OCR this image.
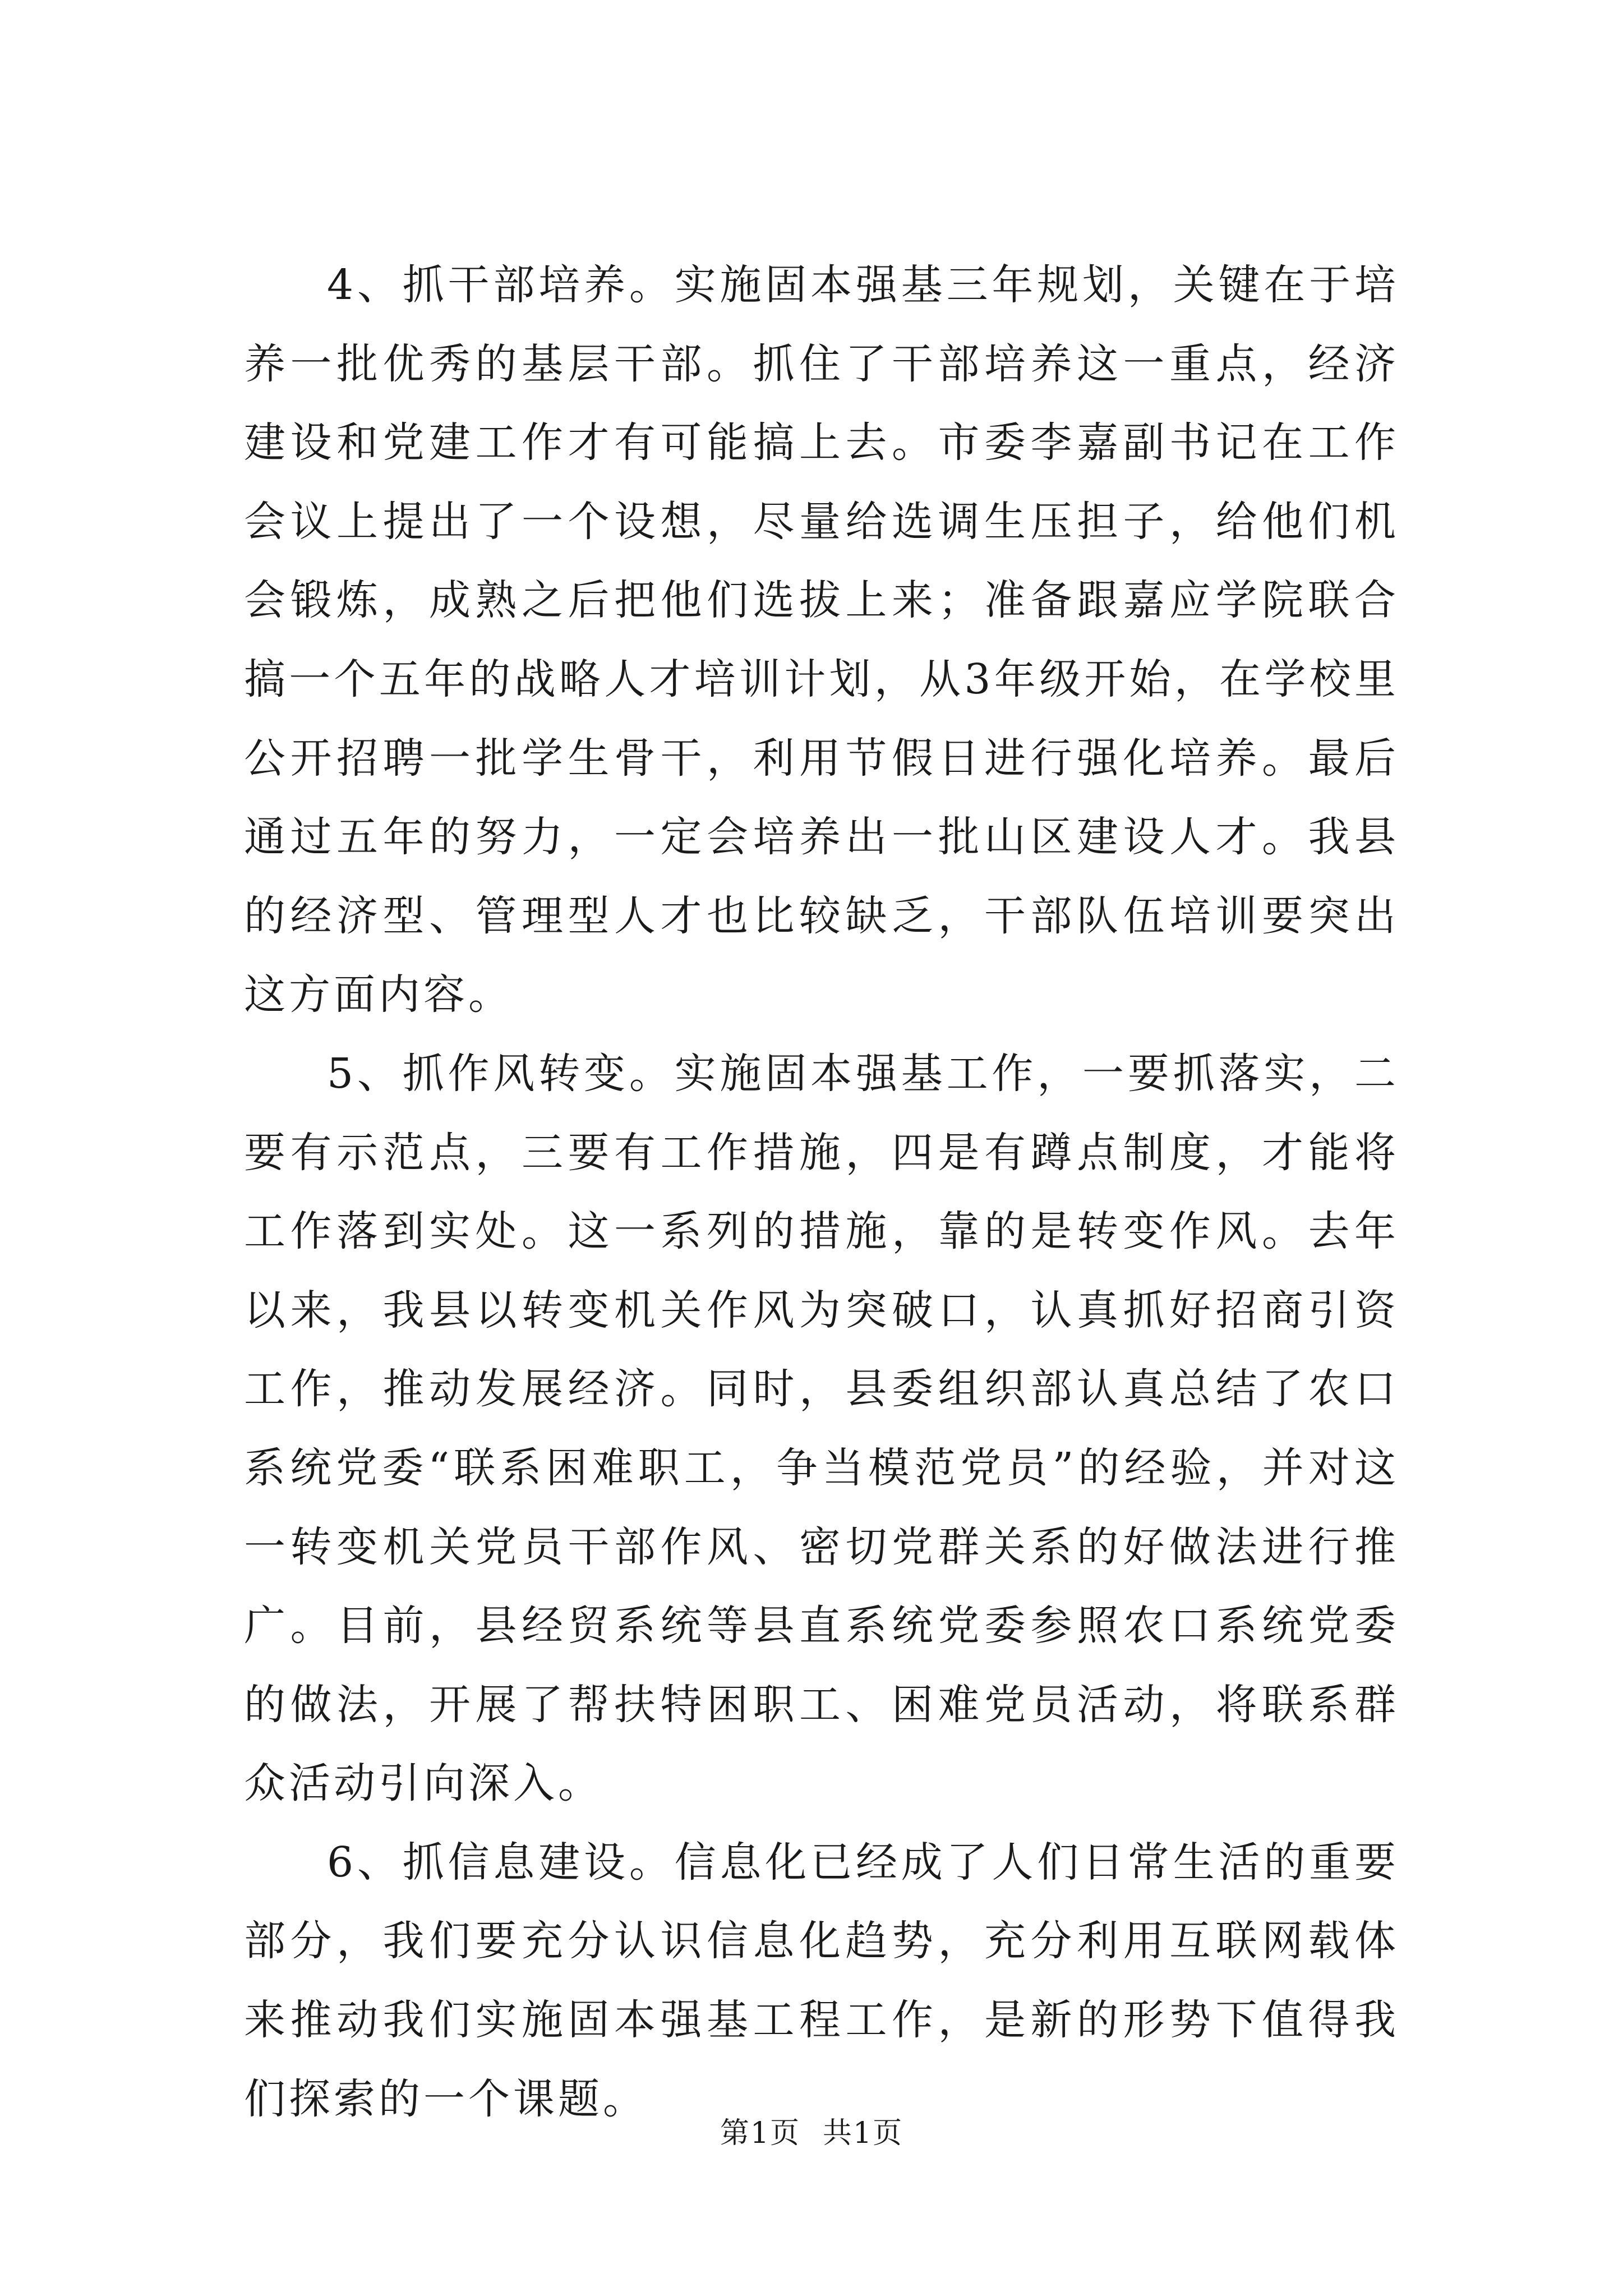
4、抓干部培养。实施固本强基三年规划，关键在于培养一批优秀的基层干部。抓住了干部培养这一重点，经济建设和党建工作才有可能搞上去。市委李嘉副书记在工作会议上提出了一个设想，尽量给选调生压担子，给他们机会锻炼，成熟之后把他们选拔上来；准备跟嘉应学院联合搞一个五年的战略人才培训计划，从3年级开始，在学校里公开招聘一批学生骨干，利用节假日进行强化培养。最后通过五年的努力，一定会培养出一批山区建设人才。我县的经济型、管理型人才也比较缺乏，干部队伍培训要突出这方面内容。

5、抓作风转变。实施固本强基工作，一要抓落实，二要有示范点，三要有工作措施，四是有蹲点制度，才能将工作落到实处。这一系列的措施，靠的是转变作风。去年以来，我县以转变机关作风为突破口，认真抓好招商引资工作，推动发展经济。同时，县委组织部认真总结了农口系统党委“联系困难职工，争当模范党员”的经验，并对这一转变机关党员干部作风、密切党群关系的好做法进行推广。目前，县经贸系统等县直系统党委参照农口系统党委的做法，开展了帮扶特困职工、困难党员活动，将联系群众活动引向深入。

6、抓信息建设。信息化已经成了人们日常生活的重要部分，我们要充分认识信息化趋势，充分利用互联网载体来推动我们实施固本强基工程工作，是新的形势下值得我们探索的一个课题。

第1页 共1页
